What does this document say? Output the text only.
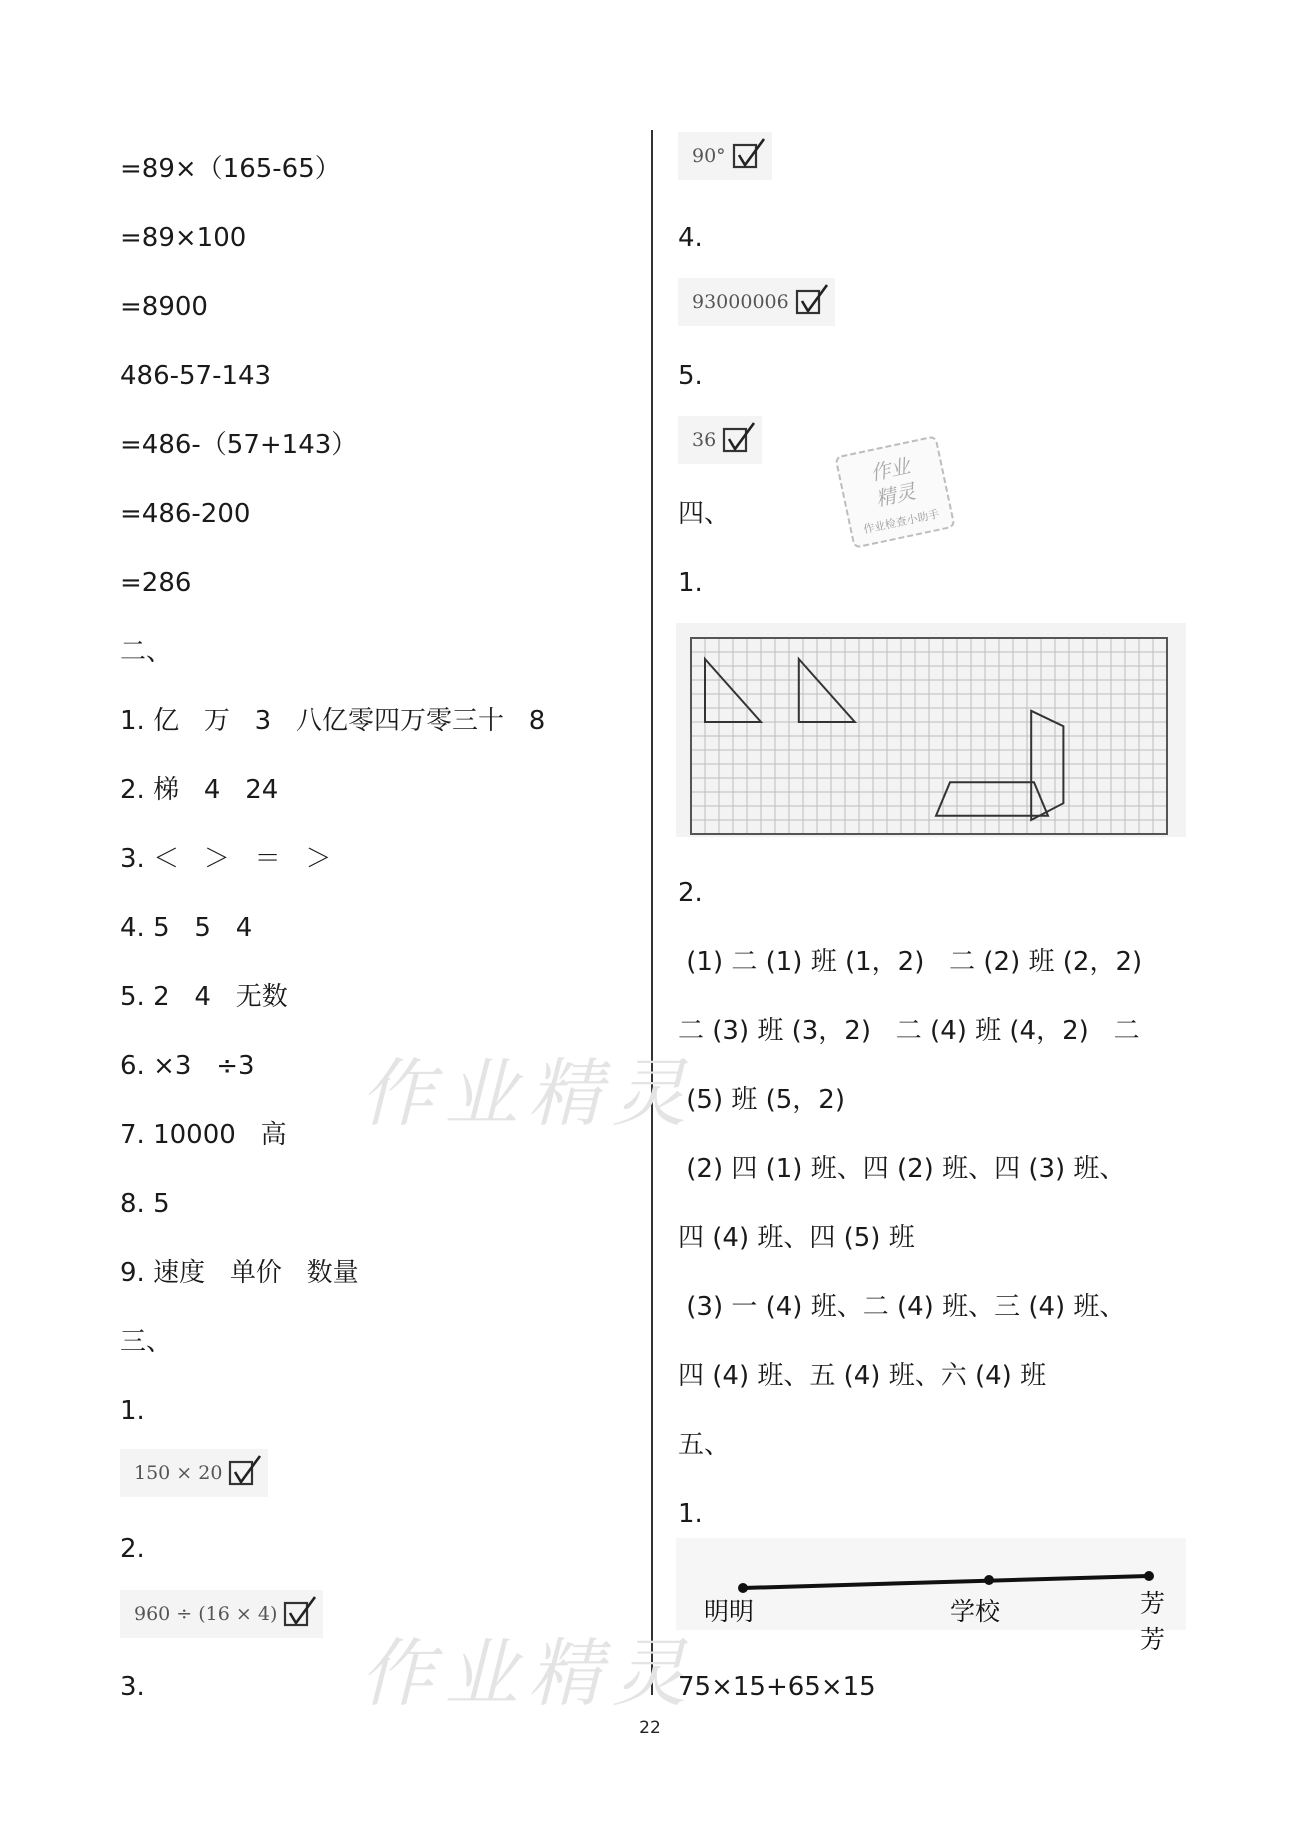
=89×（165-65）
=89×100
=8900
486-57-143
=486-（57+143）
=486-200
=286
二、
1. 亿   万   3   八亿零四万零三十   8
2. 梯   4   24
3. ＜   ＞   ＝   ＞
4. 5   5   4
5. 2   4   无数
6. ×3   ÷3
7. 10000   高
8. 5
9. 速度   单价   数量
三、
1.
150 × 20
2.
960 ÷ (16 × 4)
3.
90°
4.
93000006
5.
36
四、
1.
2.
(1) 二 (1) 班 (1，2)   二 (2) 班 (2，2)
二 (3) 班 (3，2)   二 (4) 班 (4，2)   二
(5) 班 (5，2)
(2) 四 (1) 班、四 (2) 班、四 (3) 班、
四 (4) 班、四 (5) 班
(3) 一 (4) 班、二 (4) 班、三 (4) 班、
四 (4) 班、五 (4) 班、六 (4) 班
五、
1.
明明	学校	芳芳
75×15+65×15
作业
精灵
作业检查小助手
作业精灵
作业精灵
22
